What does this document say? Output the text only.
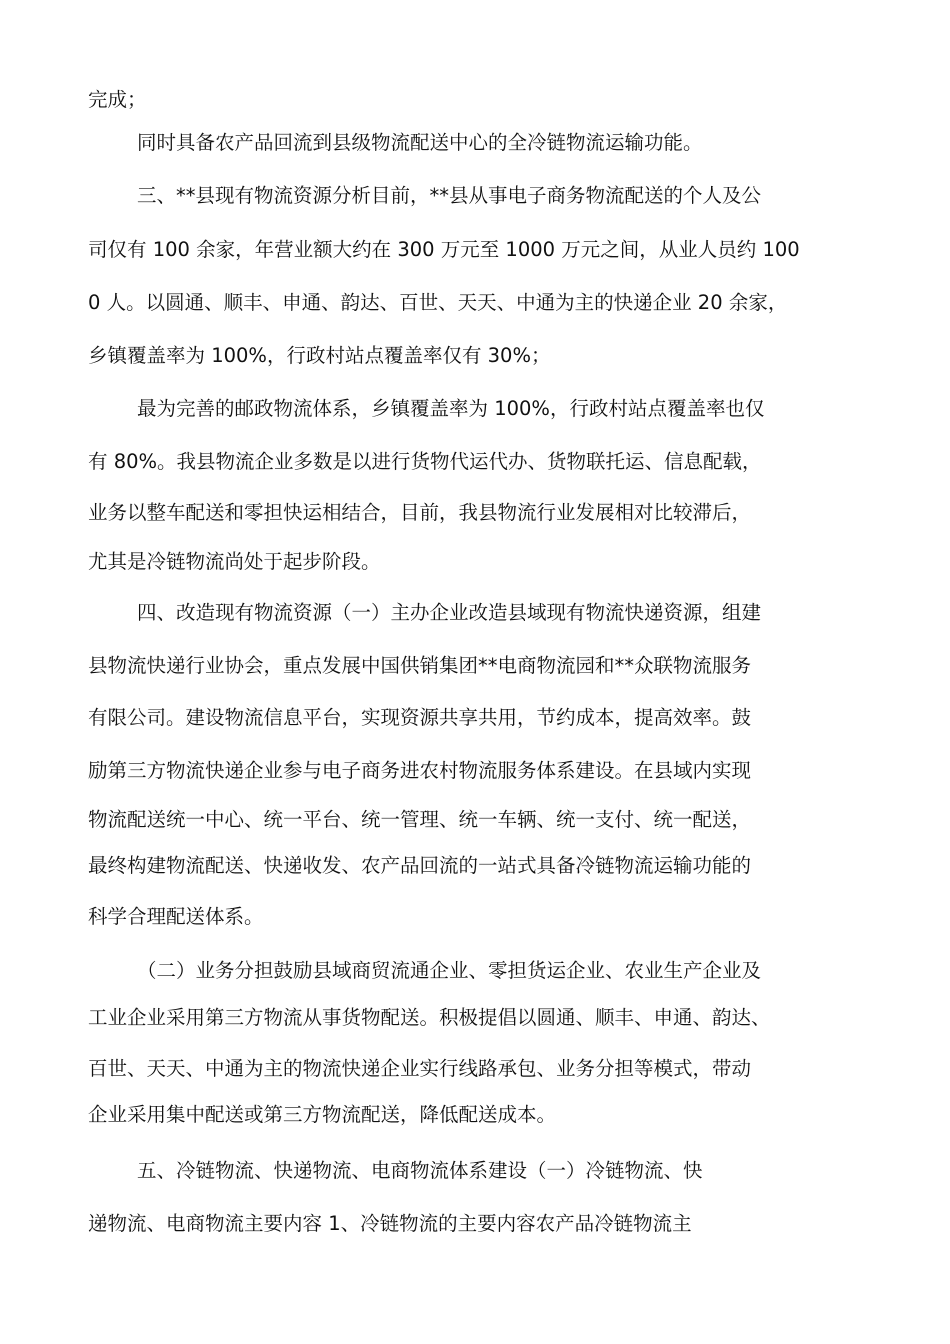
完成；
同时具备农产品回流到县级物流配送中心的全冷链物流运输功能。
三、**县现有物流资源分析目前，**县从事电子商务物流配送的个人及公
司仅有 100 余家，年营业额大约在 300 万元至 1000 万元之间，从业人员约 100
0 人。以圆通、顺丰、申通、韵达、百世、天天、中通为主的快递企业 20 余家，
乡镇覆盖率为 100%，行政村站点覆盖率仅有 30%；
最为完善的邮政物流体系，乡镇覆盖率为 100%，行政村站点覆盖率也仅
有 80%。我县物流企业多数是以进行货物代运代办、货物联托运、信息配载，
业务以整车配送和零担快运相结合，目前，我县物流行业发展相对比较滞后，
尤其是冷链物流尚处于起步阶段。
四、改造现有物流资源（一）主办企业改造县域现有物流快递资源，组建
县物流快递行业协会，重点发展中国供销集团**电商物流园和**众联物流服务
有限公司。建设物流信息平台，实现资源共享共用，节约成本，提高效率。鼓
励第三方物流快递企业参与电子商务进农村物流服务体系建设。在县域内实现
物流配送统一中心、统一平台、统一管理、统一车辆、统一支付、统一配送，
最终构建物流配送、快递收发、农产品回流的一站式具备冷链物流运输功能的
科学合理配送体系。
（二）业务分担鼓励县域商贸流通企业、零担货运企业、农业生产企业及
工业企业采用第三方物流从事货物配送。积极提倡以圆通、顺丰、申通、韵达、
百世、天天、中通为主的物流快递企业实行线路承包、业务分担等模式，带动
企业采用集中配送或第三方物流配送，降低配送成本。
五、冷链物流、快递物流、电商物流体系建设（一）冷链物流、快
递物流、电商物流主要内容 1、冷链物流的主要内容农产品冷链物流主
